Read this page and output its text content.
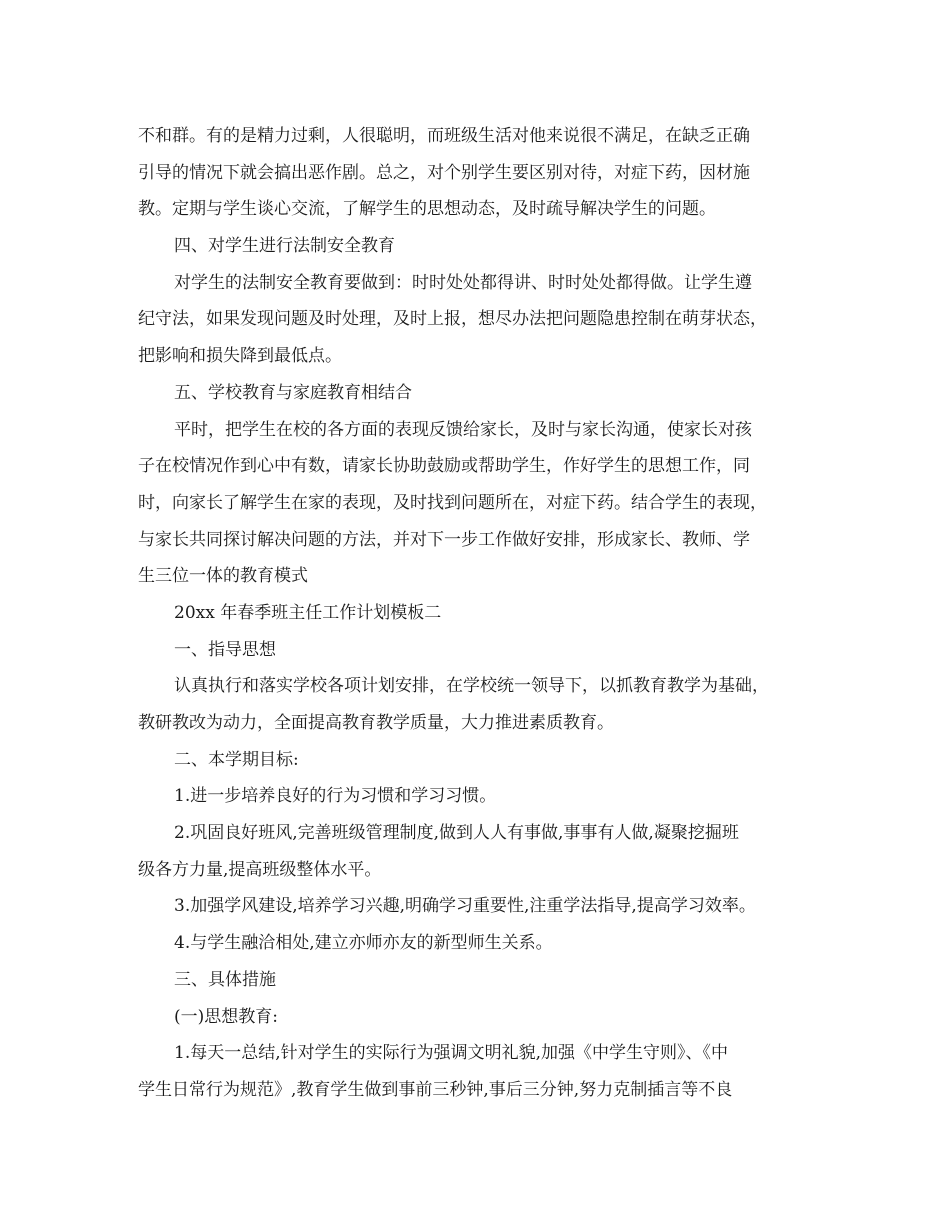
不和群。有的是精力过剩，人很聪明，而班级生活对他来说很不满足，在缺乏正确
引导的情况下就会搞出恶作剧。总之，对个别学生要区别对待，对症下药，因材施
教。定期与学生谈心交流，了解学生的思想动态，及时疏导解决学生的问题。
四、对学生进行法制安全教育
对学生的法制安全教育要做到：时时处处都得讲、时时处处都得做。让学生遵
纪守法，如果发现问题及时处理，及时上报，想尽办法把问题隐患控制在萌芽状态，
把影响和损失降到最低点。
五、学校教育与家庭教育相结合
平时，把学生在校的各方面的表现反馈给家长，及时与家长沟通，使家长对孩
子在校情况作到心中有数，请家长协助鼓励或帮助学生，作好学生的思想工作，同
时，向家长了解学生在家的表现，及时找到问题所在，对症下药。结合学生的表现，
与家长共同探讨解决问题的方法，并对下一步工作做好安排，形成家长、教师、学
生三位一体的教育模式
20xx 年春季班主任工作计划模板二
一、指导思想
认真执行和落实学校各项计划安排，在学校统一领导下，以抓教育教学为基础，
教研教改为动力，全面提高教育教学质量，大力推进素质教育。
二、本学期目标:
1.进一步培养良好的行为习惯和学习习惯。
2.巩固良好班风,完善班级管理制度,做到人人有事做,事事有人做,凝聚挖掘班
级各方力量,提高班级整体水平。
3.加强学风建设,培养学习兴趣,明确学习重要性,注重学法指导,提高学习效率。
4.与学生融洽相处,建立亦师亦友的新型师生关系。
三、具体措施
(一)思想教育:
1.每天一总结,针对学生的实际行为强调文明礼貌,加强《中学生守则》、《中
学生日常行为规范》,教育学生做到事前三秒钟,事后三分钟,努力克制插言等不良
